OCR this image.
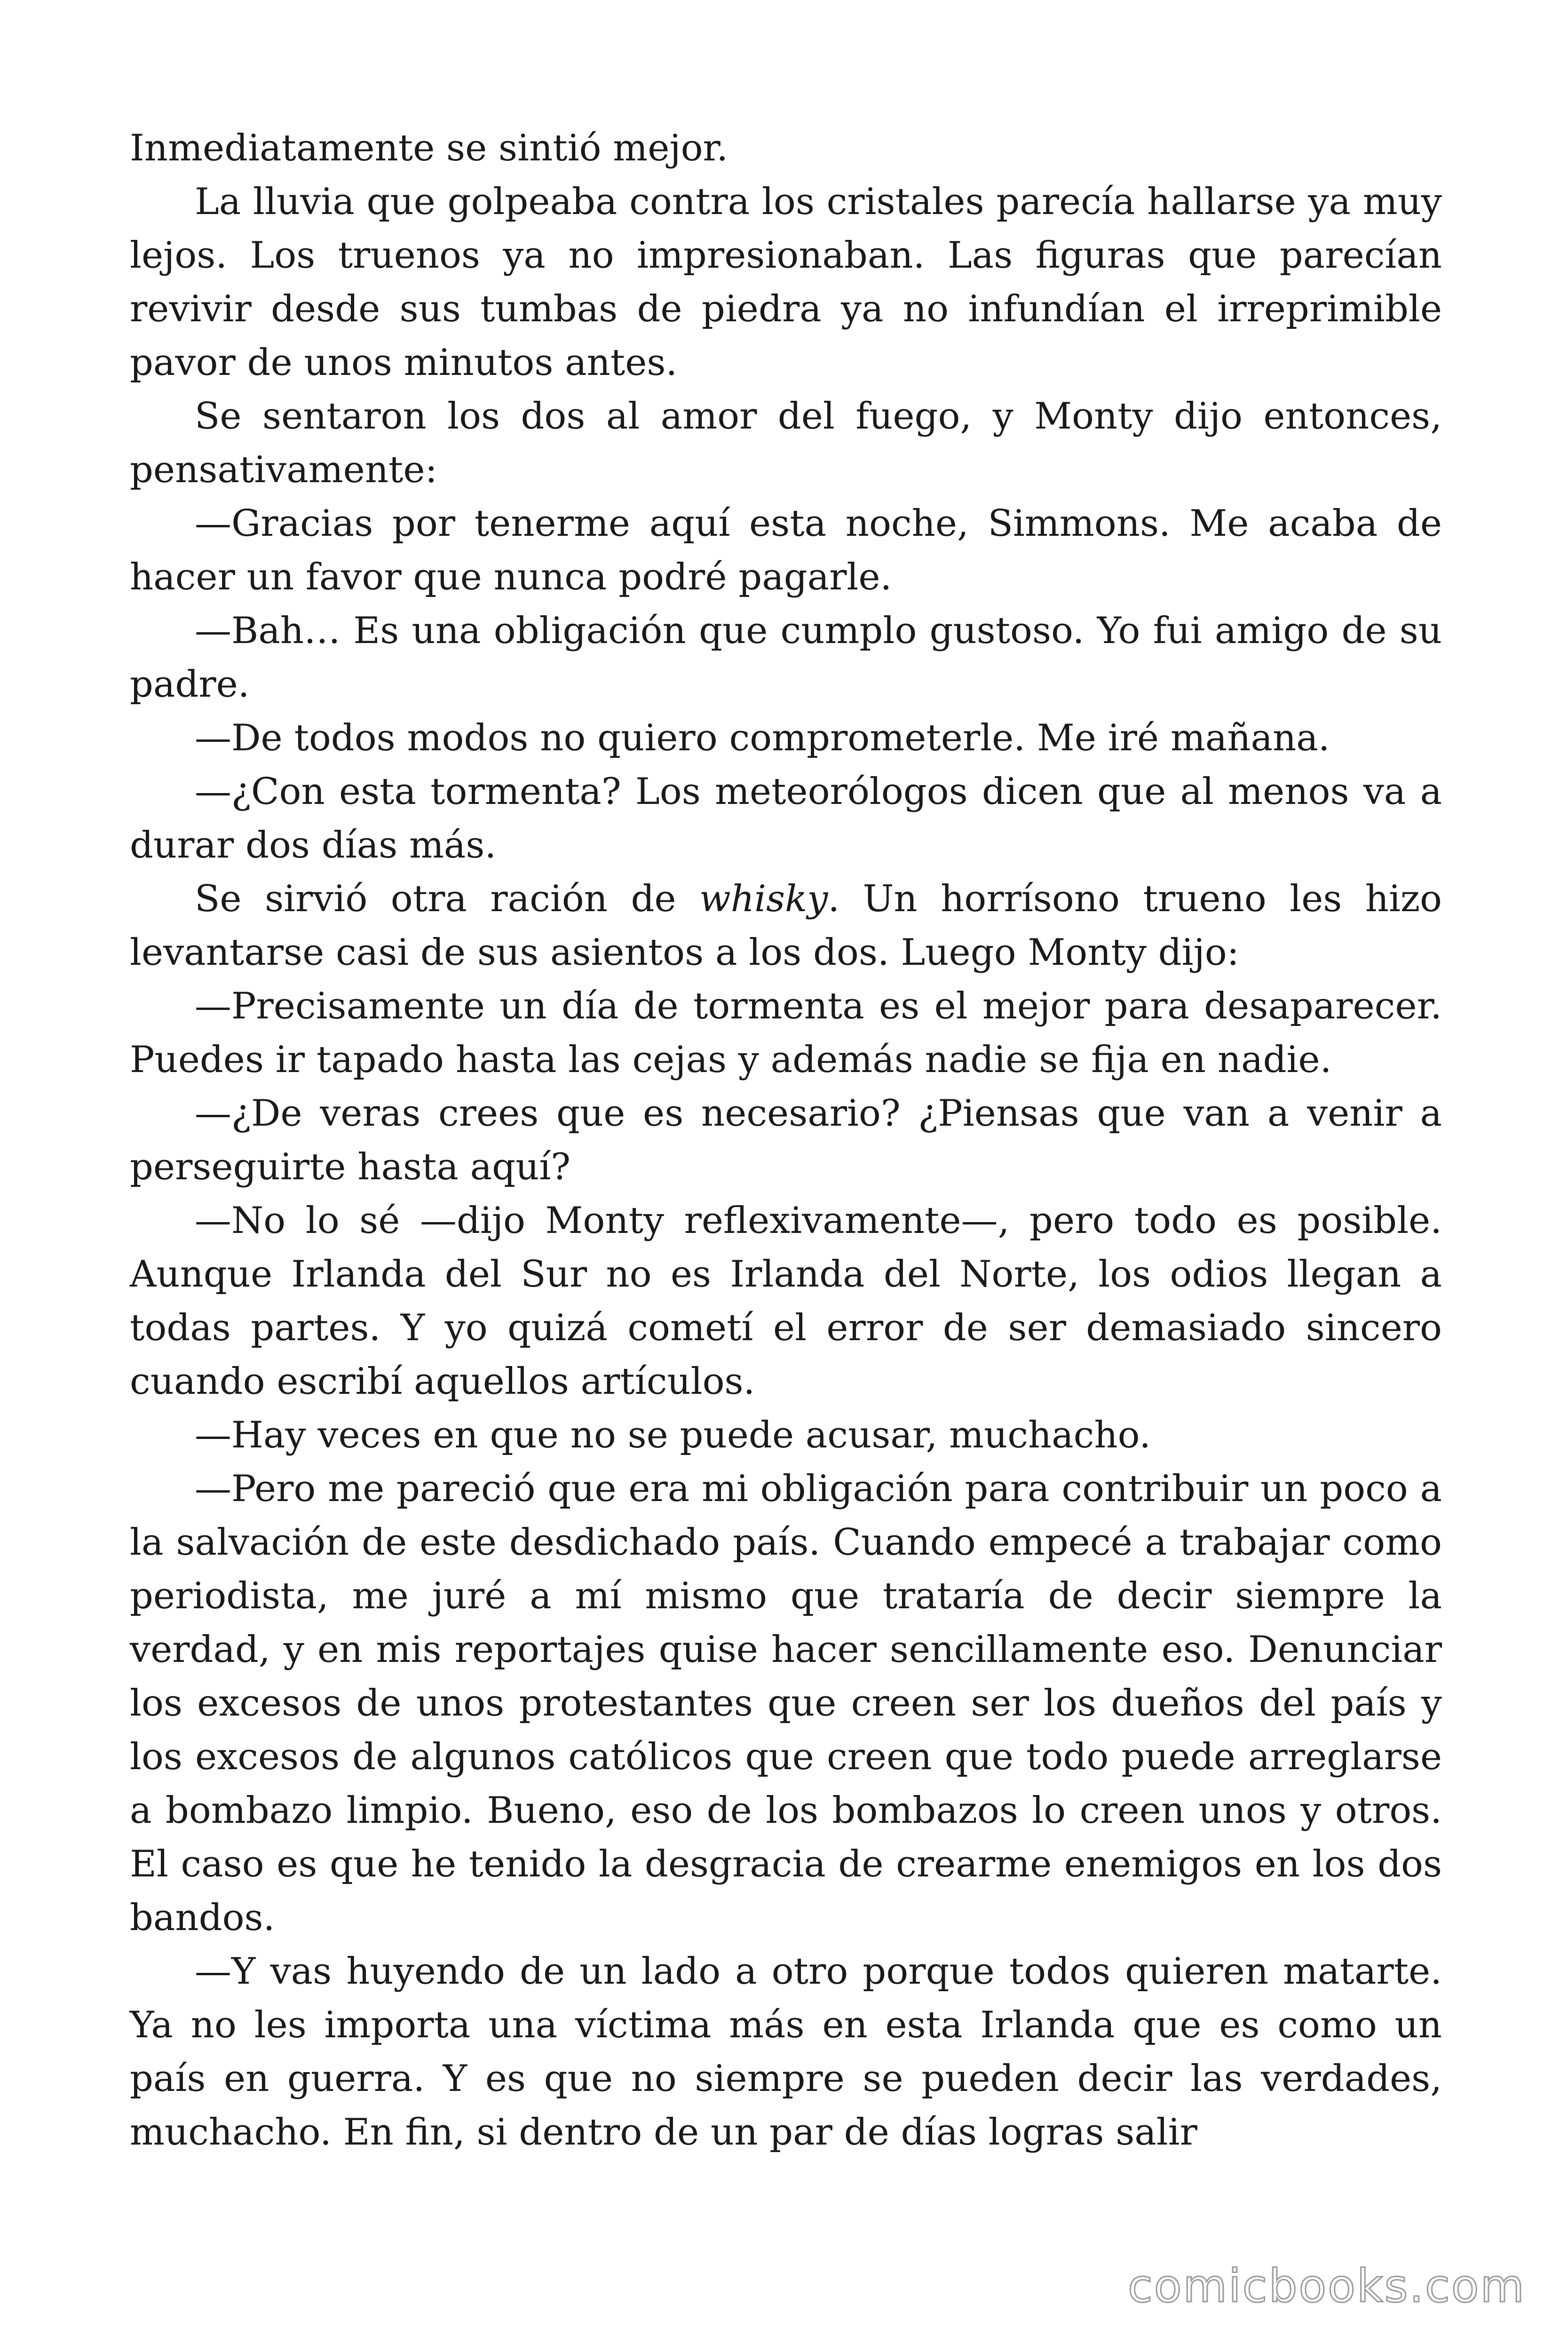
Inmediatamente se sintió mejor.

La lluvia que golpeaba contra los cristales parecía hallarse ya muy lejos. Los truenos ya no impresionaban. Las figuras que parecían revivir desde sus tumbas de piedra ya no infundían el irreprimible pavor de unos minutos antes.

Se sentaron los dos al amor del fuego, y Monty dijo entonces, pensativamente:

—Gracias por tenerme aquí esta noche, Simmons. Me acaba de hacer un favor que nunca podré pagarle.

—Bah… Es una obligación que cumplo gustoso. Yo fui amigo de su padre.

—De todos modos no quiero comprometerle. Me iré mañana.

—¿Con esta tormenta? Los meteorólogos dicen que al menos va a durar dos días más.

Se sirvió otra ración de whisky. Un horrísono trueno les hizo levantarse casi de sus asientos a los dos. Luego Monty dijo:

—Precisamente un día de tormenta es el mejor para desaparecer. Puedes ir tapado hasta las cejas y además nadie se fija en nadie.

—¿De veras crees que es necesario? ¿Piensas que van a venir a perseguirte hasta aquí?

—No lo sé —dijo Monty reflexivamente—, pero todo es posible. Aunque Irlanda del Sur no es Irlanda del Norte, los odios llegan a todas partes. Y yo quizá cometí el error de ser demasiado sincero cuando escribí aquellos artículos.

—Hay veces en que no se puede acusar, muchacho.

—Pero me pareció que era mi obligación para contribuir un poco a la salvación de este desdichado país. Cuando empecé a trabajar como periodista, me juré a mí mismo que trataría de decir siempre la verdad, y en mis reportajes quise hacer sencillamente eso. Denunciar los excesos de unos protestantes que creen ser los dueños del país y los excesos de algunos católicos que creen que todo puede arreglarse a bombazo limpio. Bueno, eso de los bombazos lo creen unos y otros. El caso es que he tenido la desgracia de crearme enemigos en los dos bandos.

—Y vas huyendo de un lado a otro porque todos quieren matarte. Ya no les importa una víctima más en esta Irlanda que es como un país en guerra. Y es que no siempre se pueden decir las verdades, muchacho. En fin, si dentro de un par de días logras salir

comicbooks.com
